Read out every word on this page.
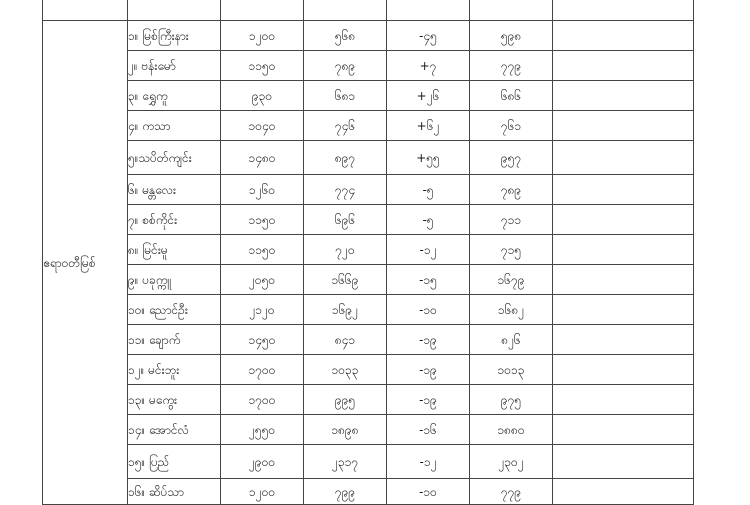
ဧရာဝတီမြစ်	၁။ မြစ်ကြီးနား	၁၂၀၀	၅၆၈	-၄၅	၅၉၈	
	၂။ ဗန်းမော်	၁၁၅၀	၇၈၉	+၇	၇၇၉	
	၃။ ရွှေကူ	၉၃၀	၆၈၁	+၂၆	၆၈၆	
	၄။ ကသာ	၁၀၄၀	၇၄၆	+၆၂	၇၆၁	
	၅။သပိတ်ကျင်း	၁၄၈၀	၈၉၇	+၅၅	၉၅၇	
	၆။ မန္တလေး	၁၂၆၀	၇၇၄	-၅	၇၈၉	
	၇။ စစ်ကိုင်း	၁၁၅၀	၆၉၆	-၅	၇၁၁	
	၈။ မြင်းမူ	၁၁၅၀	၇၂၀	-၁၂	၇၁၅	
	၉။ ပခုက္ကူ	၂၀၅၀	၁၆၆၉	-၁၅	၁၆၇၉	
	၁၀။ ညောင်ဦး	၂၁၂၀	၁၆၉၂	-၁၀	၁၆၈၂	
	၁၁။ ချောက်	၁၄၅၀	၈၄၁	-၁၉	၈၂၆	
	၁၂။ မင်းဘူး	၁၇၀၀	၁၀၃၃	-၁၉	၁၀၁၃	
	၁၃။ မကွေး	၁၇၀၀	၉၉၅	-၁၉	၉၇၅	
	၁၄။ အောင်လံ	၂၅၅၀	၁၈၉၈	-၁၆	၁၈၈၀	
	၁၅။ ပြည်	၂၉၀၀	၂၃၁၇	-၁၂	၂၃၀၂	
	၁၆။ ဆိပ်သာ	၁၂၀၀	၇၉၉	-၁၀	၇၇၉	
